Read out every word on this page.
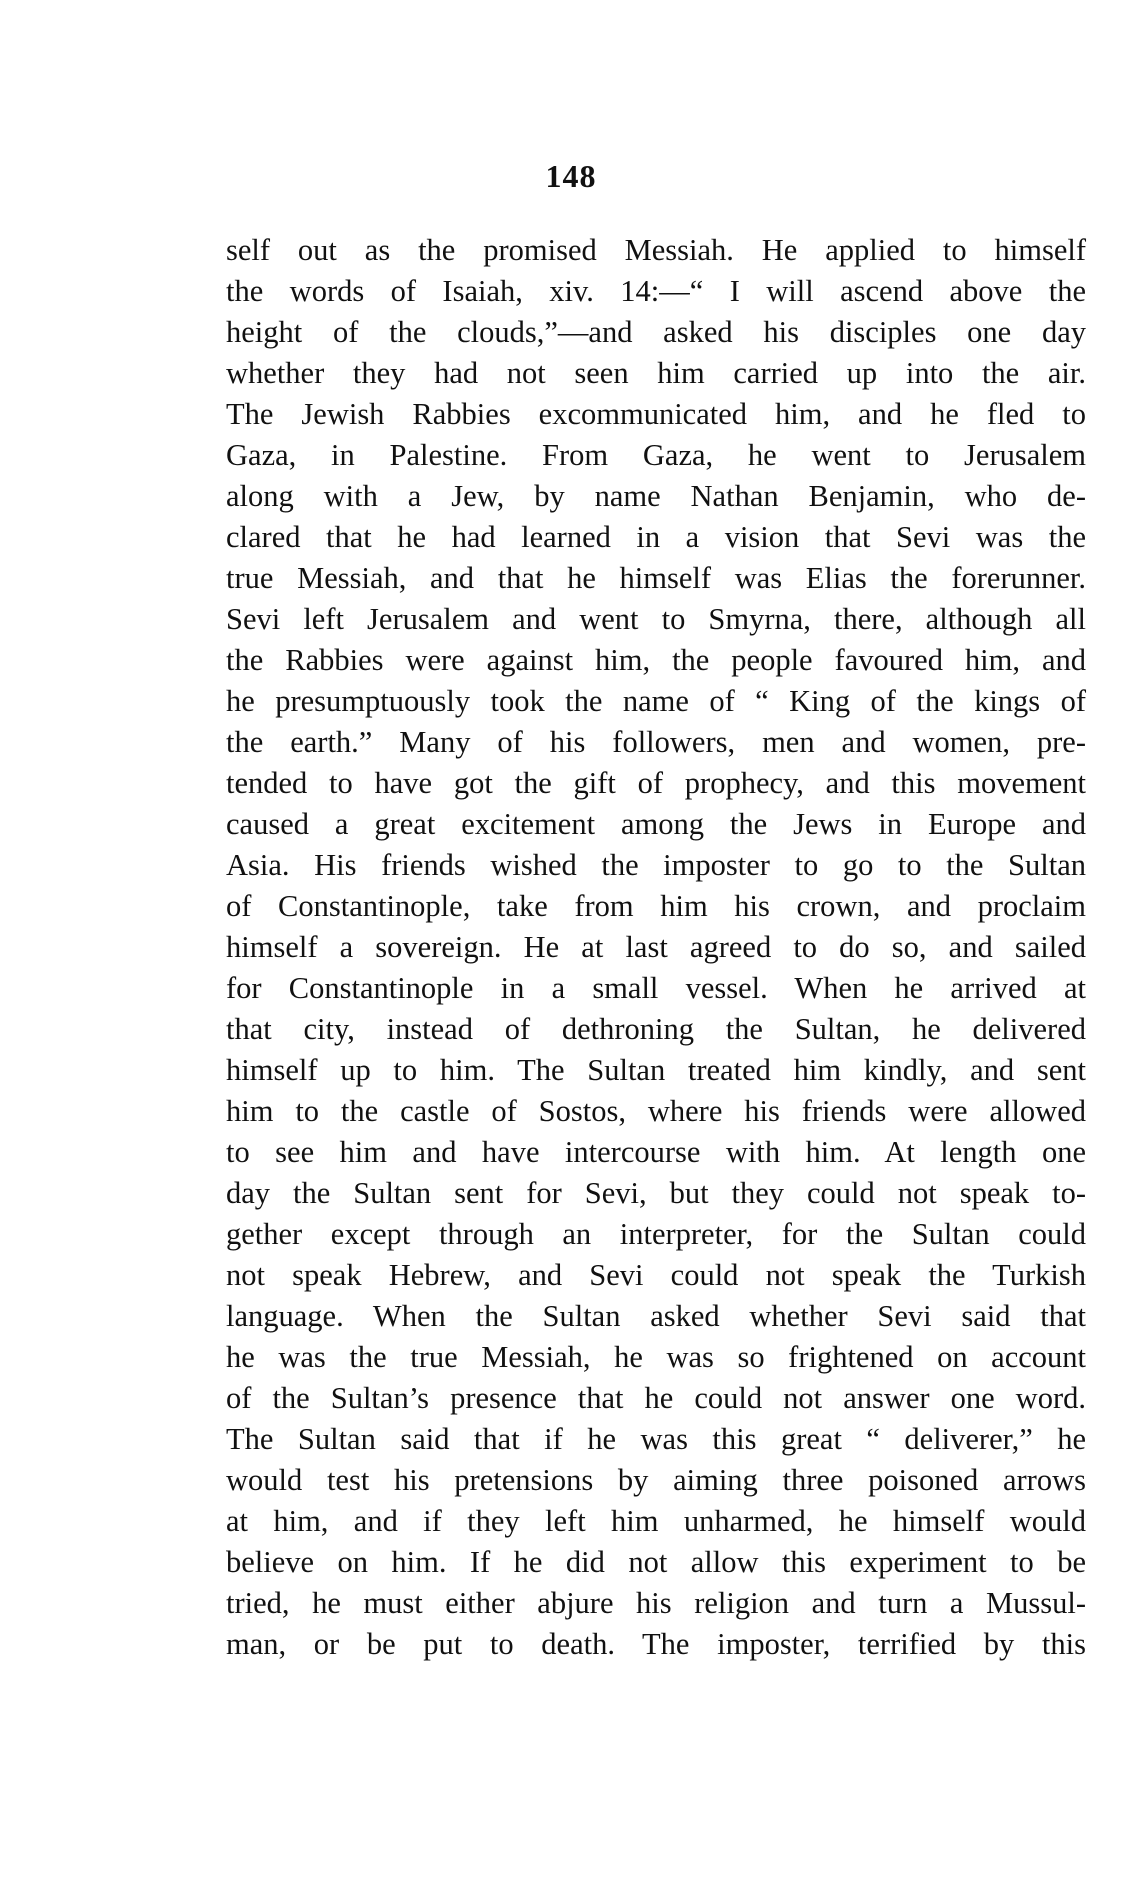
148
self out as the promised Messiah. He applied to himself
the words of Isaiah, xiv. 14:—“ I will ascend above the
height of the clouds,”—and asked his disciples one day
whether they had not seen him carried up into the air.
The Jewish Rabbies excommunicated him, and he fled to
Gaza, in Palestine. From Gaza, he went to Jerusalem
along with a Jew, by name Nathan Benjamin, who de-
clared that he had learned in a vision that Sevi was the
true Messiah, and that he himself was Elias the forerunner.
Sevi left Jerusalem and went to Smyrna, there, although all
the Rabbies were against him, the people favoured him, and
he presumptuously took the name of “ King of the kings of
the earth.” Many of his followers, men and women, pre-
tended to have got the gift of prophecy, and this movement
caused a great excitement among the Jews in Europe and
Asia. His friends wished the imposter to go to the Sultan
of Constantinople, take from him his crown, and proclaim
himself a sovereign. He at last agreed to do so, and sailed
for Constantinople in a small vessel. When he arrived at
that city, instead of dethroning the Sultan, he delivered
himself up to him. The Sultan treated him kindly, and sent
him to the castle of Sostos, where his friends were allowed
to see him and have intercourse with him. At length one
day the Sultan sent for Sevi, but they could not speak to-
gether except through an interpreter, for the Sultan could
not speak Hebrew, and Sevi could not speak the Turkish
language. When the Sultan asked whether Sevi said that
he was the true Messiah, he was so frightened on account
of the Sultan’s presence that he could not answer one word.
The Sultan said that if he was this great “ deliverer,” he
would test his pretensions by aiming three poisoned arrows
at him, and if they left him unharmed, he himself would
believe on him. If he did not allow this experiment to be
tried, he must either abjure his religion and turn a Mussul-
man, or be put to death. The imposter, terrified by this
